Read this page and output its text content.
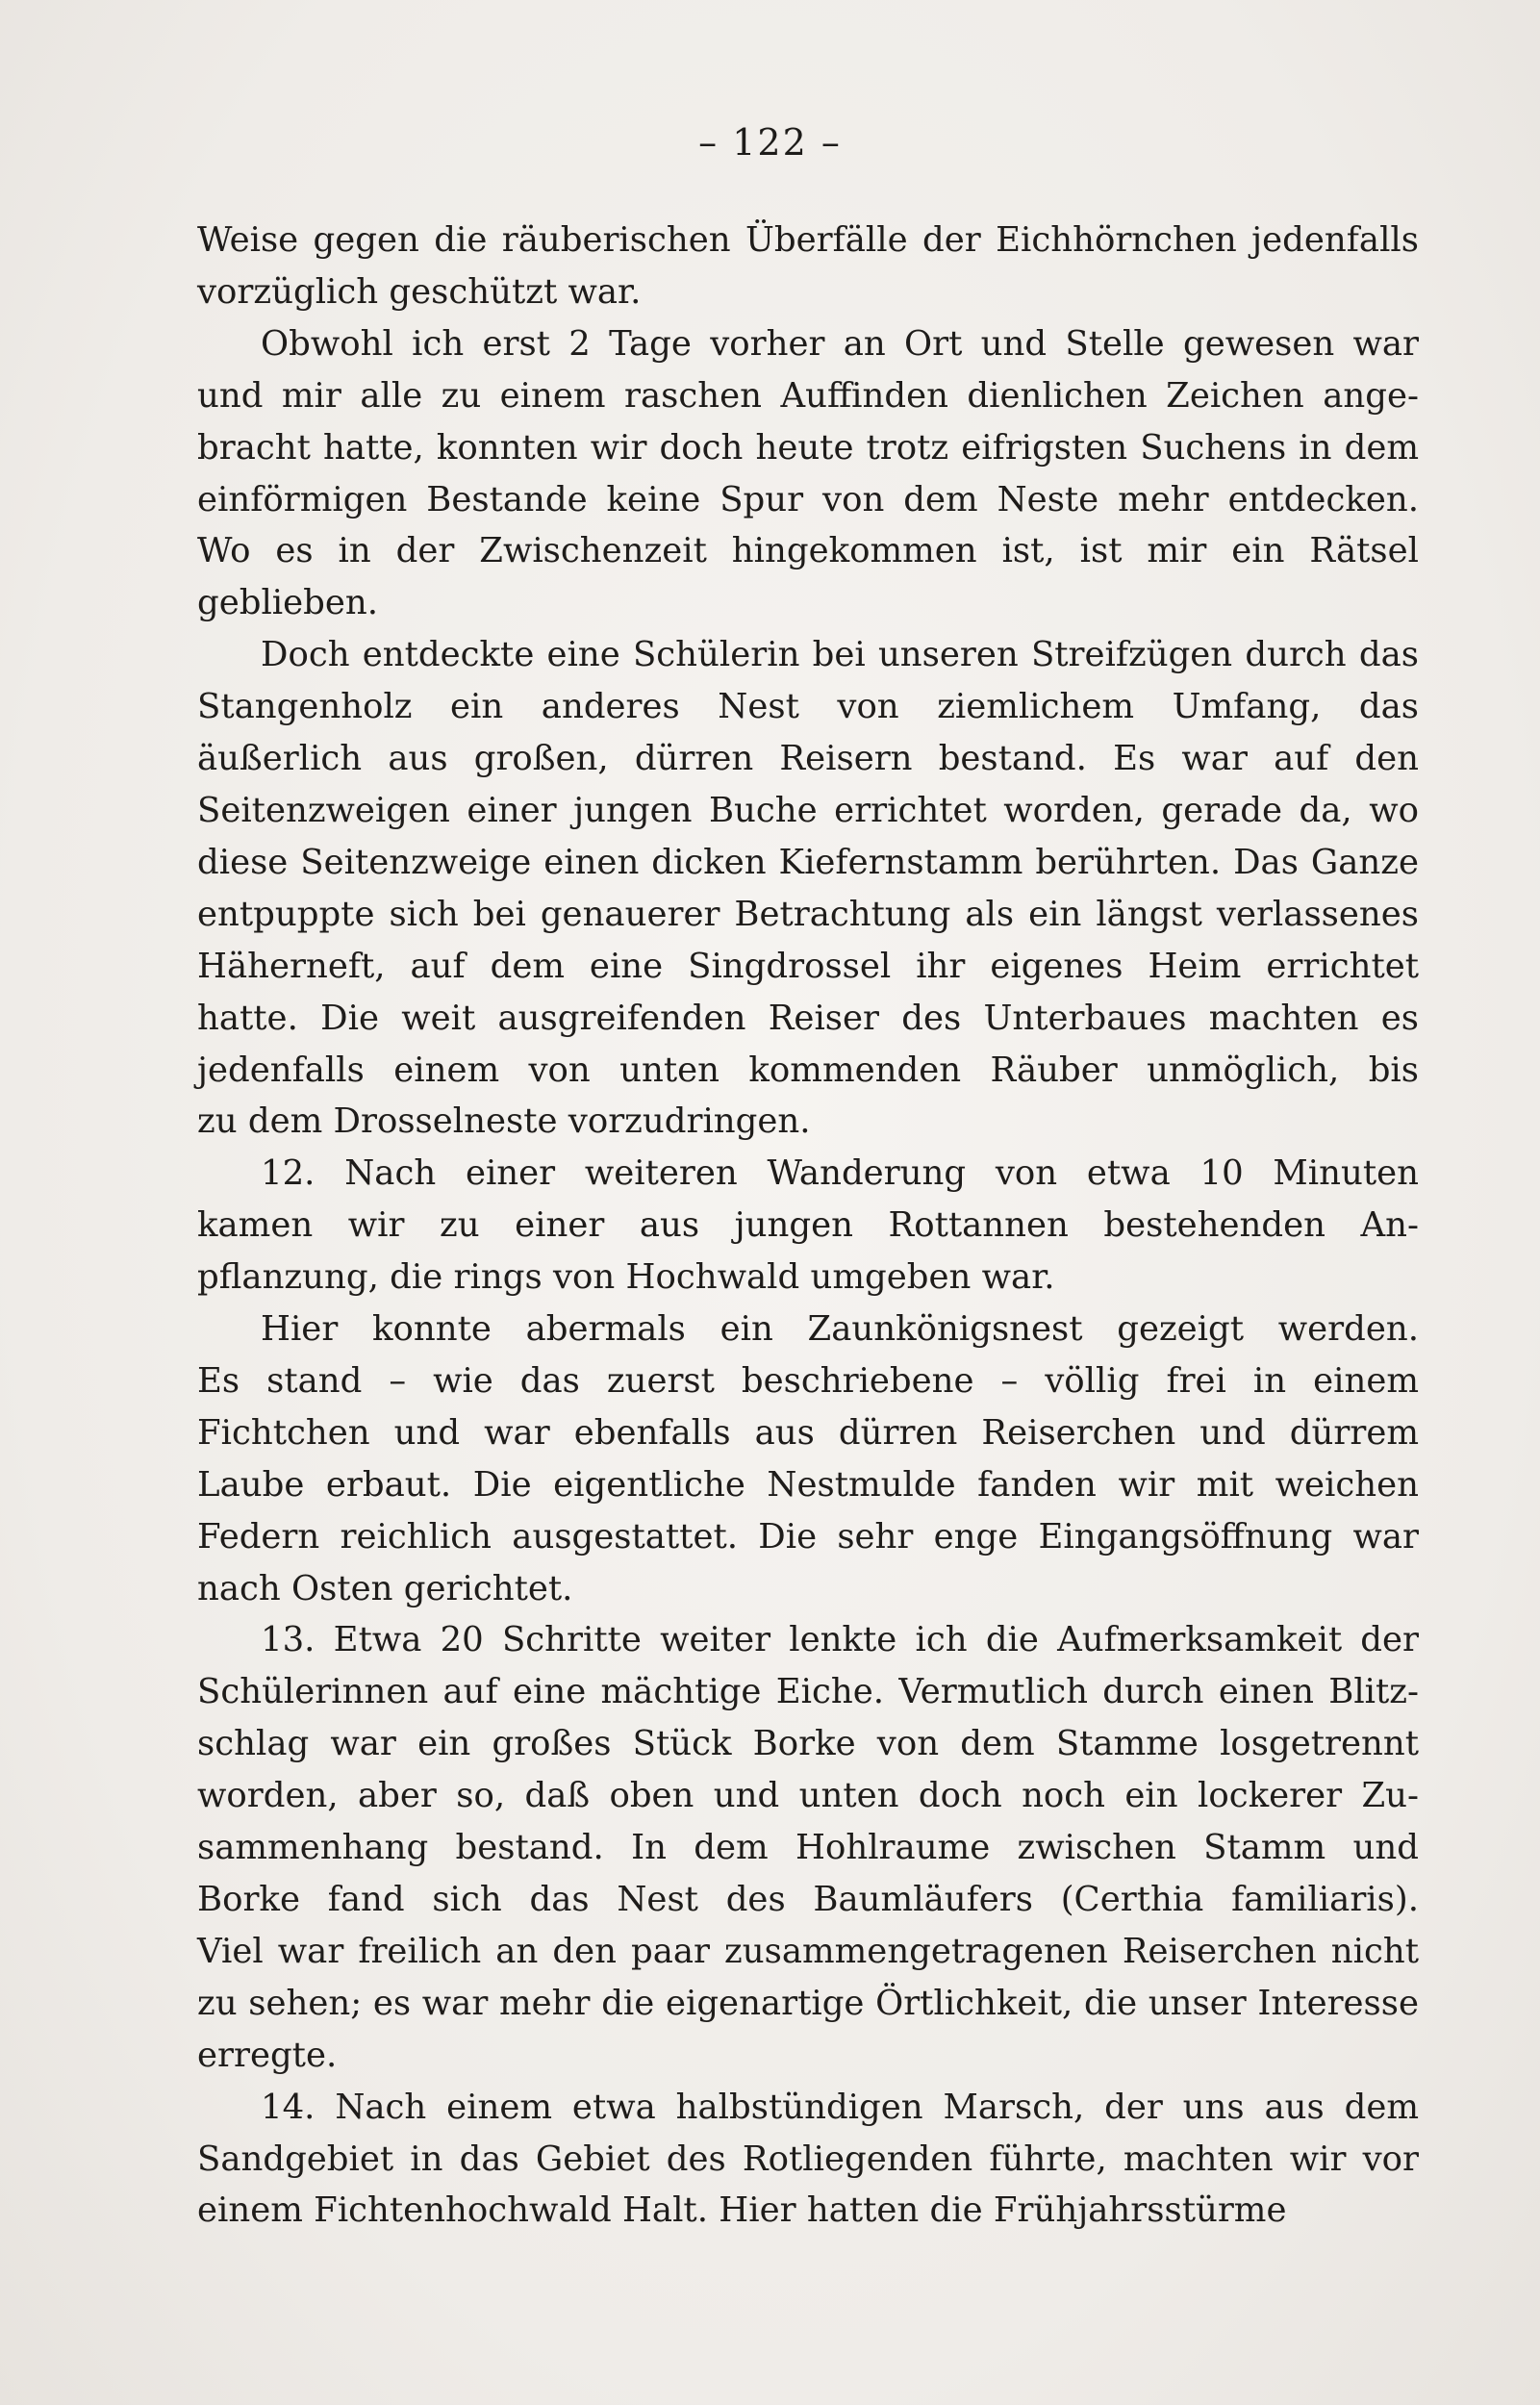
– 122 –

Weise gegen die räuberischen Überfälle der Eichhörnchen jedenfalls
vorzüglich geschützt war.

Obwohl ich erst 2 Tage vorher an Ort und Stelle gewesen war
und mir alle zu einem raschen Auffinden dienlichen Zeichen ange-
bracht hatte, konnten wir doch heute trotz eifrigsten Suchens in dem
einförmigen Bestande keine Spur von dem Neste mehr entdecken.
Wo es in der Zwischenzeit hingekommen ist, ist mir ein Rätsel
geblieben.

Doch entdeckte eine Schülerin bei unseren Streifzügen durch das
Stangenholz ein anderes Nest von ziemlichem Umfang, das
äußerlich aus großen, dürren Reisern bestand. Es war auf den
Seitenzweigen einer jungen Buche errichtet worden, gerade da, wo
diese Seitenzweige einen dicken Kiefernstamm berührten. Das Ganze
entpuppte sich bei genauerer Betrachtung als ein längst verlassenes
Häherneft, auf dem eine Singdrossel ihr eigenes Heim errichtet
hatte. Die weit ausgreifenden Reiser des Unterbaues machten es
jedenfalls einem von unten kommenden Räuber unmöglich, bis
zu dem Drosselneste vorzudringen.

12. Nach einer weiteren Wanderung von etwa 10 Minuten
kamen wir zu einer aus jungen Rottannen bestehenden An-
pflanzung, die rings von Hochwald umgeben war.

Hier konnte abermals ein Zaunkönigsnest gezeigt werden.
Es stand – wie das zuerst beschriebene – völlig frei in einem
Fichtchen und war ebenfalls aus dürren Reiserchen und dürrem
Laube erbaut. Die eigentliche Nestmulde fanden wir mit weichen
Federn reichlich ausgestattet. Die sehr enge Eingangsöffnung war
nach Osten gerichtet.

13. Etwa 20 Schritte weiter lenkte ich die Aufmerksamkeit der
Schülerinnen auf eine mächtige Eiche. Vermutlich durch einen Blitz-
schlag war ein großes Stück Borke von dem Stamme losgetrennt
worden, aber so, daß oben und unten doch noch ein lockerer Zu-
sammenhang bestand. In dem Hohlraume zwischen Stamm und
Borke fand sich das Nest des Baumläufers (Certhia familiaris).
Viel war freilich an den paar zusammengetragenen Reiserchen nicht
zu sehen; es war mehr die eigenartige Örtlichkeit, die unser Interesse
erregte.

14. Nach einem etwa halbstündigen Marsch, der uns aus dem
Sandgebiet in das Gebiet des Rotliegenden führte, machten wir vor
einem Fichtenhochwald Halt. Hier hatten die Frühjahrsstürme
